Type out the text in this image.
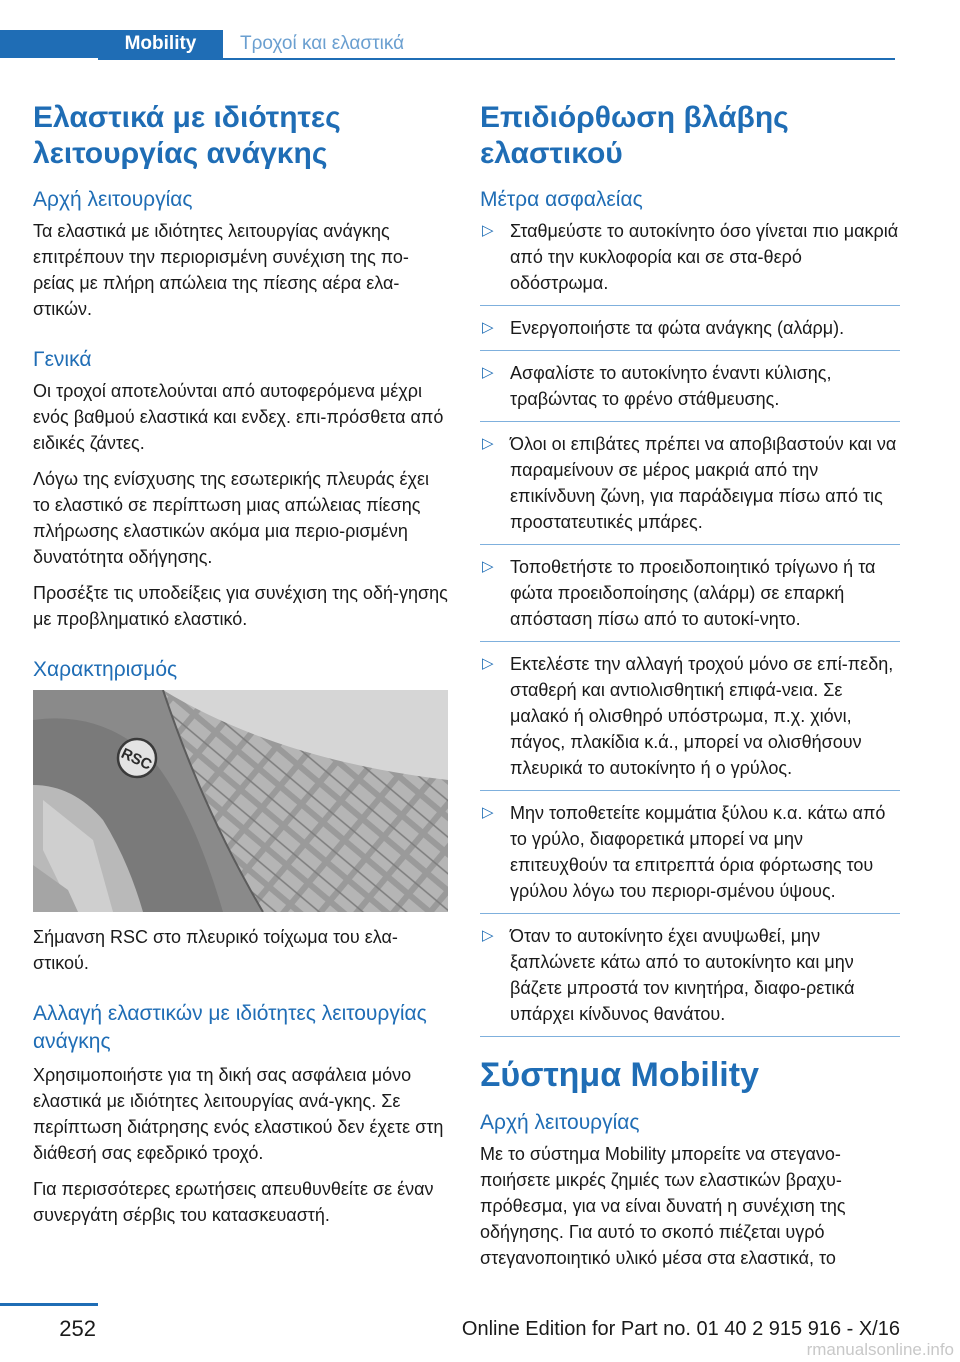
Mobility	Τροχοί και ελαστικά
Ελαστικά με ιδιότητες λειτουργίας ανάγκης
Αρχή λειτουργίας

Τα ελαστικά με ιδιότητες λειτουργίας ανάγκης επιτρέπουν την περιορισμένη συνέχιση της πο-ρείας με πλήρη απώλεια της πίεσης αέρα ελα-στικών.

Γενικά

Οι τροχοί αποτελούνται από αυτοφερόμενα μέχρι ενός βαθμού ελαστικά και ενδεχ. επι-πρόσθετα από ειδικές ζάντες.

Λόγω της ενίσχυσης της εσωτερικής πλευράς έχει το ελαστικό σε περίπτωση μιας απώλειας πίεσης πλήρωσης ελαστικών ακόμα μια περιο-ρισμένη δυνατότητα οδήγησης.

Προσέξτε τις υποδείξεις για συνέχιση της οδή-γησης με προβληματικό ελαστικό.

Χαρακτηρισμός
RSC

Σήμανση RSC στο πλευρικό τοίχωμα του ελα-στικού.

Αλλαγή ελαστικών με ιδιότητες λειτουργίας ανάγκης

Χρησιμοποιήστε για τη δική σας ασφάλεια μόνο ελαστικά με ιδιότητες λειτουργίας ανά-γκης. Σε περίπτωση διάτρησης ενός ελαστικού δεν έχετε στη διάθεσή σας εφεδρικό τροχό.

Για περισσότερες ερωτήσεις απευθυνθείτε σε έναν συνεργάτη σέρβις του κατασκευαστή.

Επιδιόρθωση βλάβης ελαστικού
Μέτρα ασφαλείας
▷ Σταθμεύστε το αυτοκίνητο όσο γίνεται πιο μακριά από την κυκλοφορία και σε στα-θερό οδόστρωμα.
▷ Ενεργοποιήστε τα φώτα ανάγκης (αλάρμ).
▷ Ασφαλίστε το αυτοκίνητο έναντι κύλισης, τραβώντας το φρένο στάθμευσης.
▷ Όλοι οι επιβάτες πρέπει να αποβιβαστούν και να παραμείνουν σε μέρος μακριά από την επικίνδυνη ζώνη, για παράδειγμα πίσω από τις προστατευτικές μπάρες.
▷ Τοποθετήστε το προειδοποιητικό τρίγωνο ή τα φώτα προειδοποίησης (αλάρμ) σε επαρκή απόσταση πίσω από το αυτοκί-νητο.
▷ Εκτελέστε την αλλαγή τροχού μόνο σε επί-πεδη, σταθερή και αντιολισθητική επιφά-νεια. Σε μαλακό ή ολισθηρό υπόστρωμα, π.χ. χιόνι, πάγος, πλακίδια κ.ά., μπορεί να ολισθήσουν πλευρικά το αυτοκίνητο ή ο γρύλος.
▷ Μην τοποθετείτε κομμάτια ξύλου κ.α. κάτω από το γρύλο, διαφορετικά μπορεί να μην επιτευχθούν τα επιτρεπτά όρια φόρτωσης του γρύλου λόγω του περιορι-σμένου ύψους.
▷ Όταν το αυτοκίνητο έχει ανυψωθεί, μην ξαπλώνετε κάτω από το αυτοκίνητο και μην βάζετε μπροστά τον κινητήρα, διαφο-ρετικά υπάρχει κίνδυνος θανάτου.
Σύστημα Mobility
Αρχή λειτουργίας

Με το σύστημα Mobility μπορείτε να στεγανο-ποιήσετε μικρές ζημιές των ελαστικών βραχυ-πρόθεσμα, για να είναι δυνατή η συνέχιση της οδήγησης. Για αυτό το σκοπό πιέζεται υγρό στεγανοποιητικό υλικό μέσα στα ελαστικά, το

252	Online Edition for Part no. 01 40 2 915 916 - X/16
rmanualsonline.info
